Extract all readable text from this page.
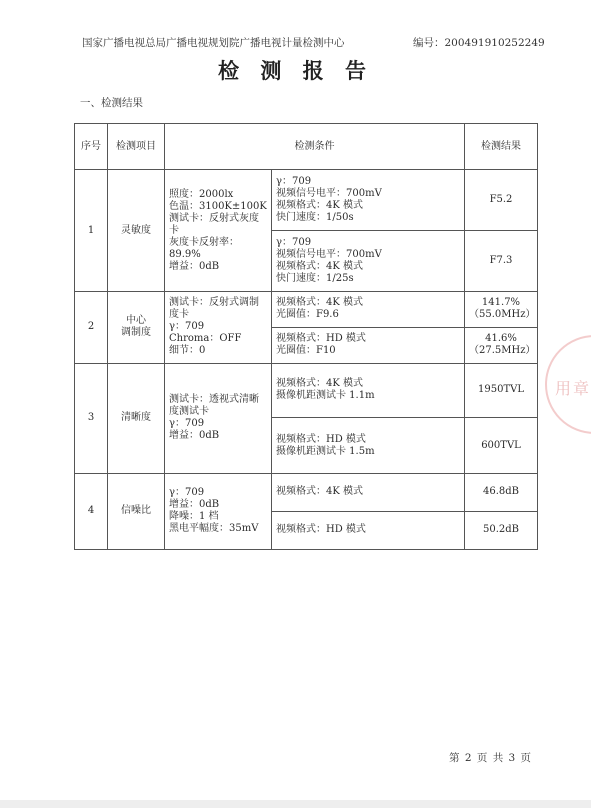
国家广播电视总局广播电视规划院广播电视计量检测中心	编号：200491910252249
检 测 报 告
一、检测结果
序号	检测项目	检测条件		检测结果
1	灵敏度	照度：2000lx
色温：3100K±100K
测试卡：反射式灰度卡
灰度卡反射率：89.9%
增益：0dB	γ：709
视频信号电平：700mV
视频格式：4K 模式
快门速度：1/50s	F5.2

			γ：709
视频信号电平：700mV
视频格式：4K 模式
快门速度：1/25s	F7.3
2	中心
调制度	测试卡：反射式调制度卡
γ：709
Chroma：OFF
细节：0	视频格式：4K 模式
光圈值：F9.6	141.7%
（55.0MHz）

			视频格式：HD 模式
光圈值：F10	41.6%
（27.5MHz）

3	清晰度	测试卡：透视式清晰度测试卡
γ：709
增益：0dB	视频格式：4K 模式
摄像机距测试卡 1.1m	1950TVL

			视频格式：HD 模式
摄像机距测试卡 1.5m	600TVL
4	信噪比	γ：709
增益：0dB
降噪：1 档
黑电平幅度：35mV	视频格式：4K 模式	46.8dB
			视频格式：HD 模式	50.2dB
用章
第 2 页 共 3 页
